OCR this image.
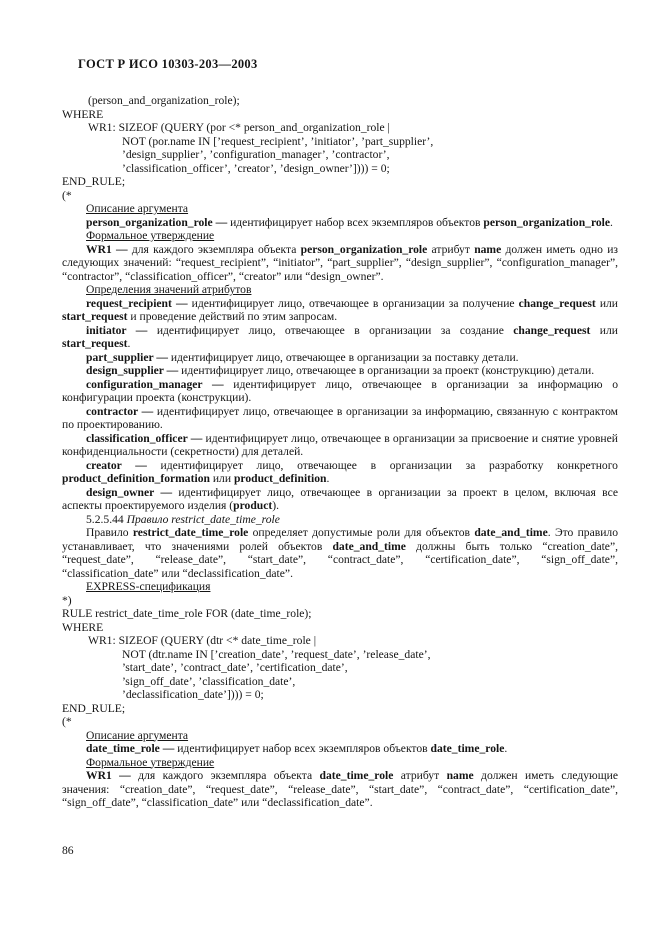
ГОСТ Р ИСО 10303-203—2003
(person_and_organization_role);
WHERE
WR1: SIZEOF (QUERY (por <* person_and_organization_role |
NOT (por.name IN [’request_recipient’, ’initiator’, ’part_supplier’,
’design_supplier’, ’configuration_manager’, ’contractor’,
’classification_officer’, ’creator’, ’design_owner’]))) = 0;
END_RULE;
(*
Описание аргумента
person_organization_role — идентифицирует набор всех экземпляров объектов person_organization_role.
Формальное утверждение
WR1 — для каждого экземпляра объекта person_organization_role атрибут name должен иметь одно из следующих значений: “request_recipient”, “initiator”, “part_supplier”, “design_supplier”, “configuration_manager”, “contractor”, “classification_officer”, “creator” или “design_owner”.
Определения значений атрибутов
request_recipient — идентифицирует лицо, отвечающее в организации за получение change_request или start_request и проведение действий по этим запросам.
initiator — идентифицирует лицо, отвечающее в организации за создание change_request или start_request.
part_supplier — идентифицирует лицо, отвечающее в организации за поставку детали.
design_supplier — идентифицирует лицо, отвечающее в организации за проект (конструкцию) детали.
configuration_manager — идентифицирует лицо, отвечающее в организации за информацию о конфигурации проекта (конструкции).
contractor — идентифицирует лицо, отвечающее в организации за информацию, связанную с контрактом по проектированию.
classification_officer — идентифицирует лицо, отвечающее в организации за присвоение и снятие уровней конфиденциальности (секретности) для деталей.
creator — идентифицирует лицо, отвечающее в организации за разработку конкретного product_definition_formation или product_definition.
design_owner — идентифицирует лицо, отвечающее в организации за проект в целом, включая все аспекты проектируемого изделия (product).
5.2.5.44 Правило restrict_date_time_role
Правило restrict_date_time_role определяет допустимые роли для объектов date_and_time. Это правило устанавливает, что значениями ролей объектов date_and_time должны быть только “creation_date”, “request_date”, “release_date”, “start_date”, “contract_date”, “certification_date”, “sign_off_date”, “classification_date” или “declassification_date”.
EXPRESS-спецификация
*)
RULE restrict_date_time_role FOR (date_time_role);
WHERE
WR1: SIZEOF (QUERY (dtr <* date_time_role |
NOT (dtr.name IN [’creation_date’, ’request_date’, ’release_date’,
’start_date’, ’contract_date’, ’certification_date’,
’sign_off_date’, ’classification_date’,
’declassification_date’]))) = 0;
END_RULE;
(*
Описание аргумента
date_time_role — идентифицирует набор всех экземпляров объектов date_time_role.
Формальное утверждение
WR1 — для каждого экземпляра объекта date_time_role атрибут name должен иметь следующие значения: “creation_date”, “request_date”, “release_date”, “start_date”, “contract_date”, “certification_date”, “sign_off_date”, “classification_date” или “declassification_date”.
86
